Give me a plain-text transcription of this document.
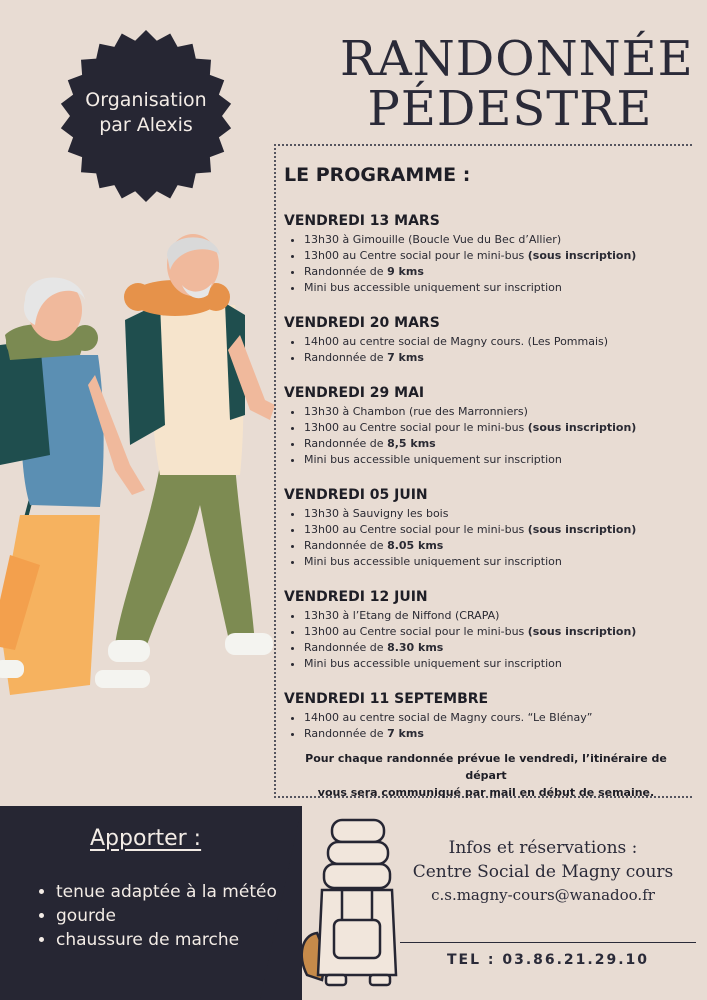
Organisation
par Alexis
RANDONNÉE
PÉDESTRE
LE PROGRAMME :
VENDREDI 13 MARS
• 13h30 à Gimouille (Boucle Vue du Bec d’Allier)
• 13h00 au Centre social pour le mini-bus (sous inscription)
• Randonnée de 9 kms
• Mini bus accessible uniquement sur inscription
VENDREDI 20 MARS
• 14h00 au centre social de Magny cours. (Les Pommais)
• Randonnée de 7 kms
VENDREDI 29 MAI
• 13h30 à Chambon (rue des Marronniers)
• 13h00 au Centre social pour le mini-bus (sous inscription)
• Randonnée de 8,5 kms
• Mini bus accessible uniquement sur inscription
VENDREDI 05 JUIN
• 13h30 à Sauvigny les bois
• 13h00 au Centre social pour le mini-bus (sous inscription)
• Randonnée de 8.05 kms
• Mini bus accessible uniquement sur inscription
VENDREDI 12 JUIN
• 13h30 à l’Etang de Niffond (CRAPA)
• 13h00 au Centre social pour le mini-bus (sous inscription)
• Randonnée de 8.30 kms
• Mini bus accessible uniquement sur inscription
VENDREDI 11 SEPTEMBRE
• 14h00 au centre social de Magny cours. “Le Blénay”
• Randonnée de 7 kms
Pour chaque randonnée prévue le vendredi, l’itinéraire de départ
vous sera communiqué par mail en début de semaine.
Apporter :
• tenue adaptée à la météo
• gourde
• chaussure de marche
Infos et réservations :
Centre Social de Magny cours
c.s.magny-cours@wanadoo.fr
TEL : 03.86.21.29.10
